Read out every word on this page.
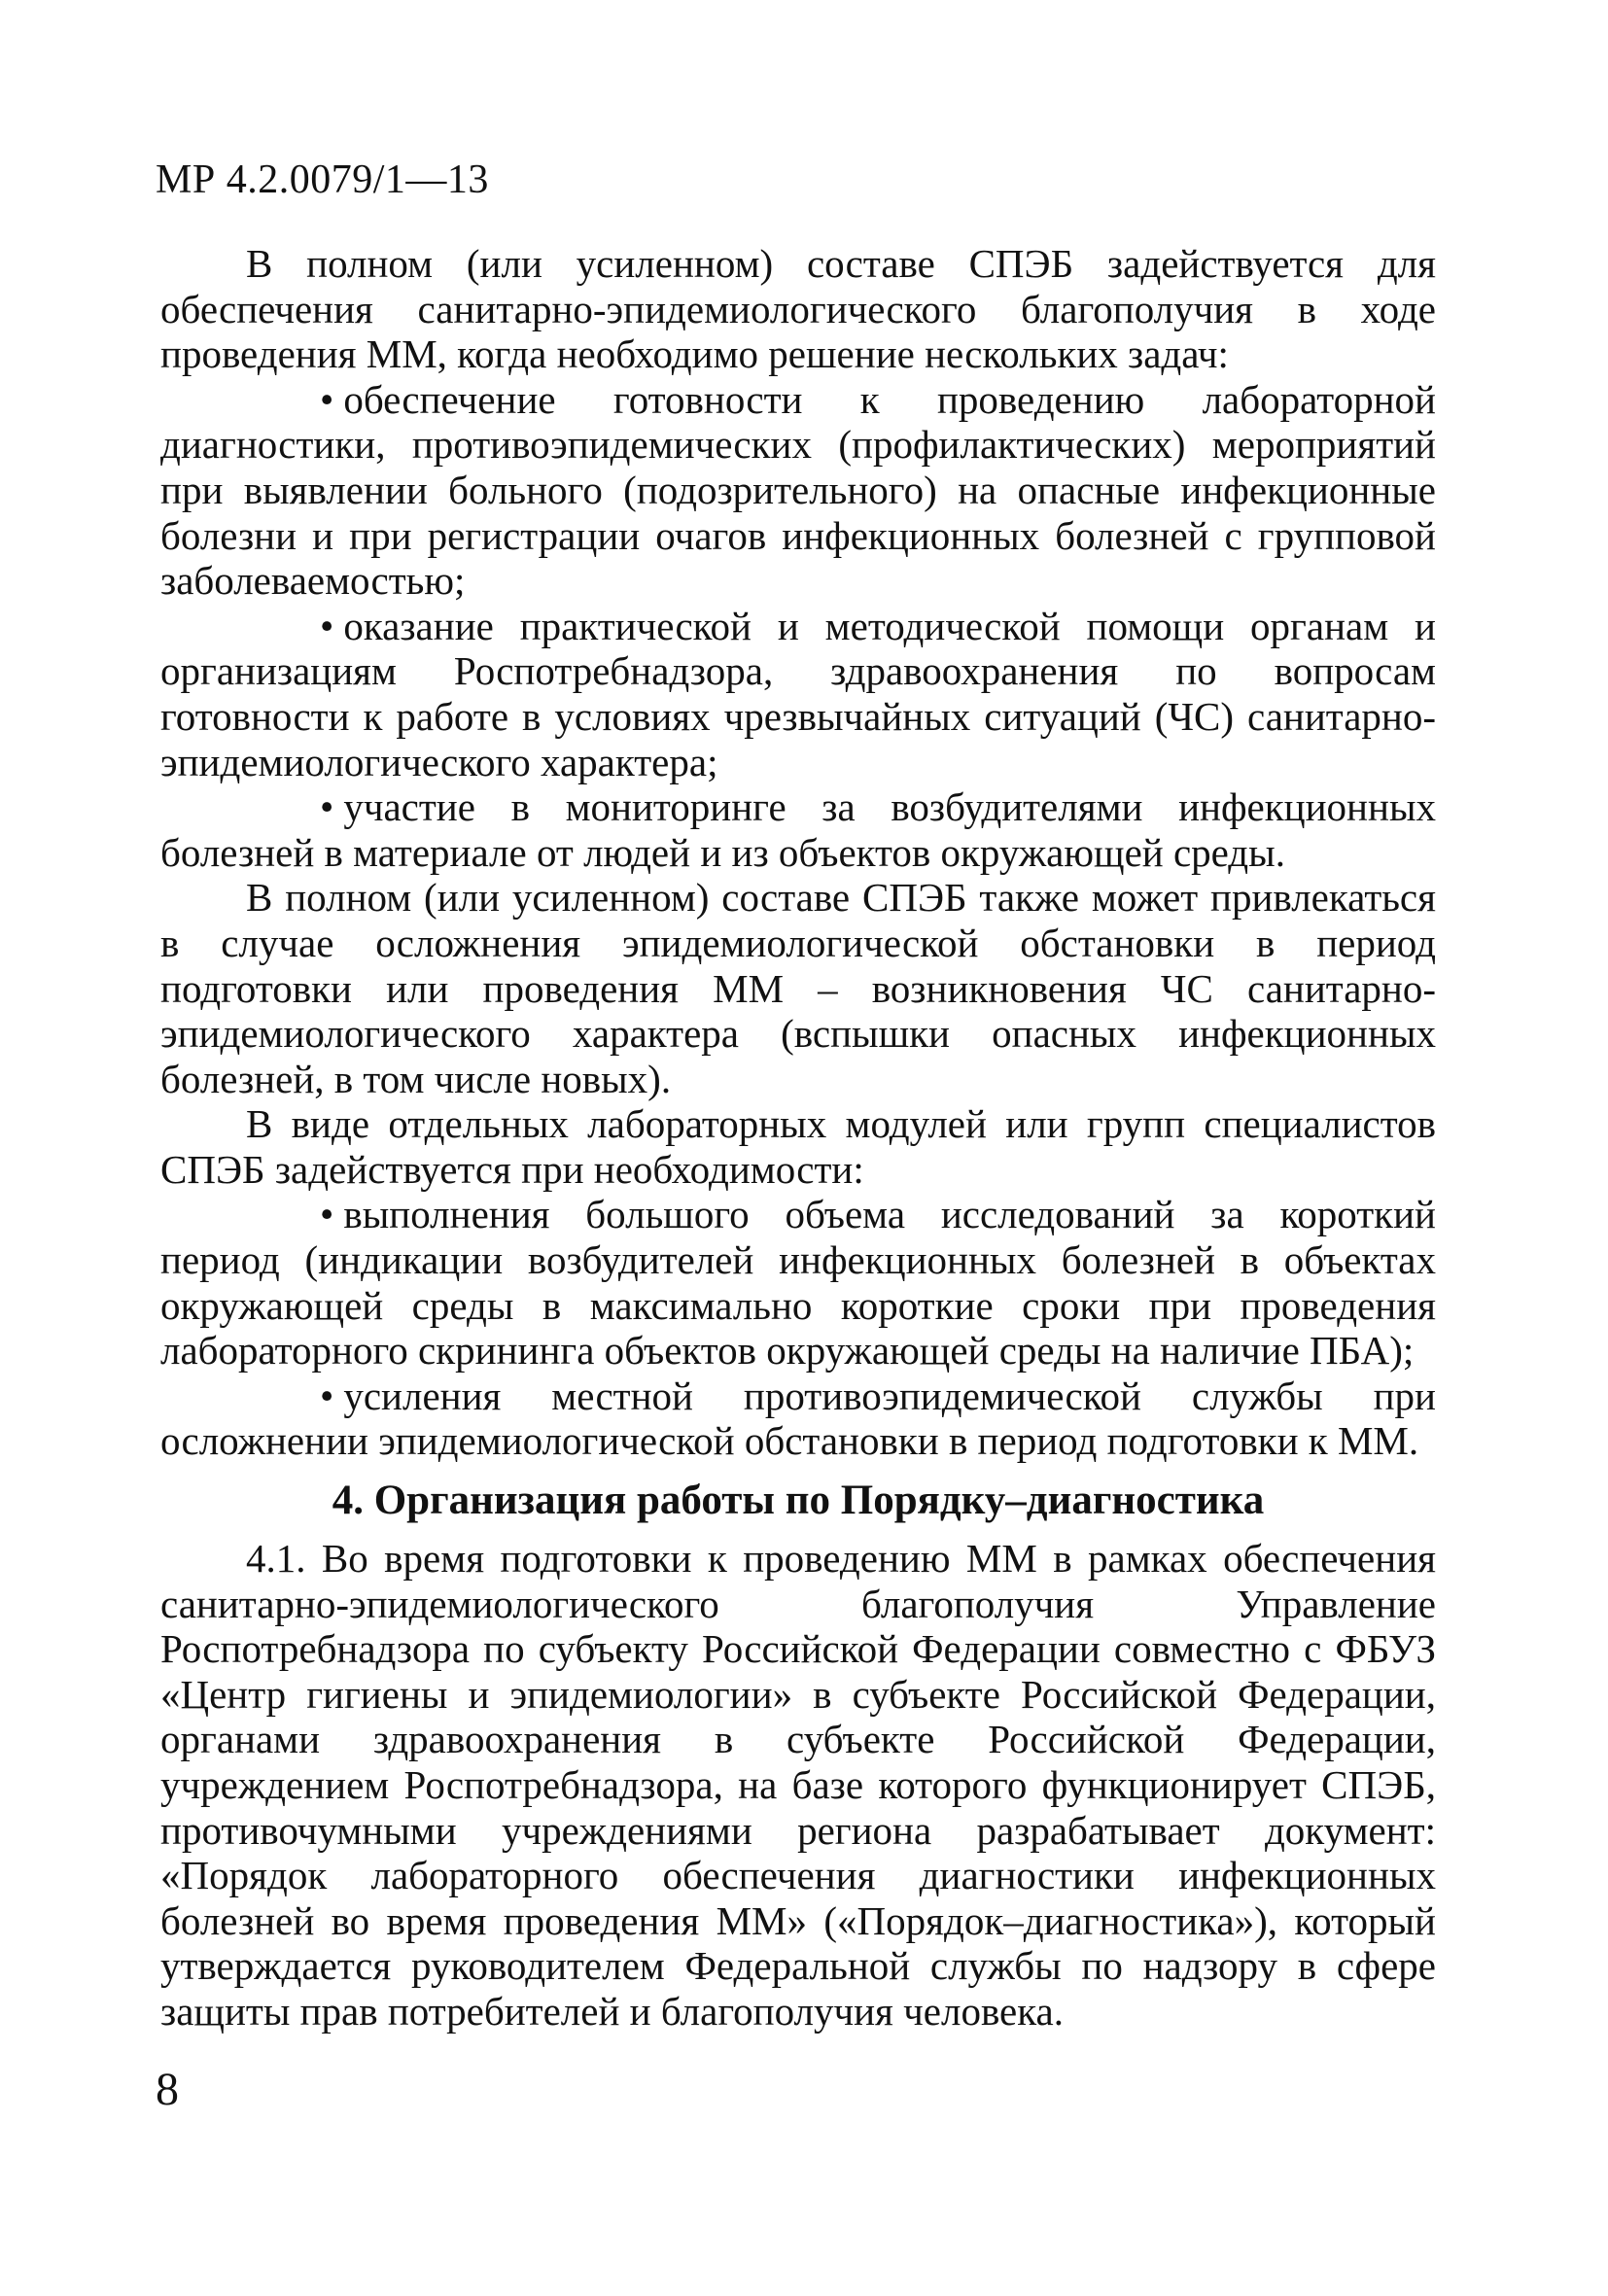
МР 4.2.0079/1—13

В полном (или усиленном) составе СПЭБ задействуется для обеспечения санитарно-эпидемиологического благополучия в ходе проведения ММ, когда необходимо решение нескольких задач:

• обеспечение готовности к проведению лабораторной диагностики, противоэпидемических (профилактических) мероприятий при выявлении больного (подозрительного) на опасные инфекционные болезни и при регистрации очагов инфекционных болезней с групповой заболеваемостью;

• оказание практической и методической помощи органам и организациям Роспотребнадзора, здравоохранения по вопросам готовности к работе в условиях чрезвычайных ситуаций (ЧС) санитарно-эпидемиологического характера;

• участие в мониторинге за возбудителями инфекционных болезней в материале от людей и из объектов окружающей среды.

В полном (или усиленном) составе СПЭБ также может привлекаться в случае осложнения эпидемиологической обстановки в период подготовки или проведения ММ – возникновения ЧС санитарно-эпидемиологического характера (вспышки опасных инфекционных болезней, в том числе новых).

В виде отдельных лабораторных модулей или групп специалистов СПЭБ задействуется при необходимости:

• выполнения большого объема исследований за короткий период (индикации возбудителей инфекционных болезней в объектах окружающей среды в максимально короткие сроки при проведения лабораторного скрининга объектов окружающей среды на наличие ПБА);

• усиления местной противоэпидемической службы при осложнении эпидемиологической обстановки в период подготовки к ММ.

4. Организация работы по Порядку–диагностика

4.1. Во время подготовки к проведению ММ в рамках обеспечения санитарно-эпидемиологического благополучия Управление Роспотребнадзора по субъекту Российской Федерации совместно с ФБУЗ «Центр гигиены и эпидемиологии» в субъекте Российской Федерации, органами здравоохранения в субъекте Российской Федерации, учреждением Роспотребнадзора, на базе которого функционирует СПЭБ, противочумными учреждениями региона разрабатывает документ: «Порядок лабораторного обеспечения диагностики инфекционных болезней во время проведения ММ» («Порядок–диагностика»), который утверждается руководителем Федеральной службы по надзору в сфере защиты прав потребителей и благополучия человека.

8
